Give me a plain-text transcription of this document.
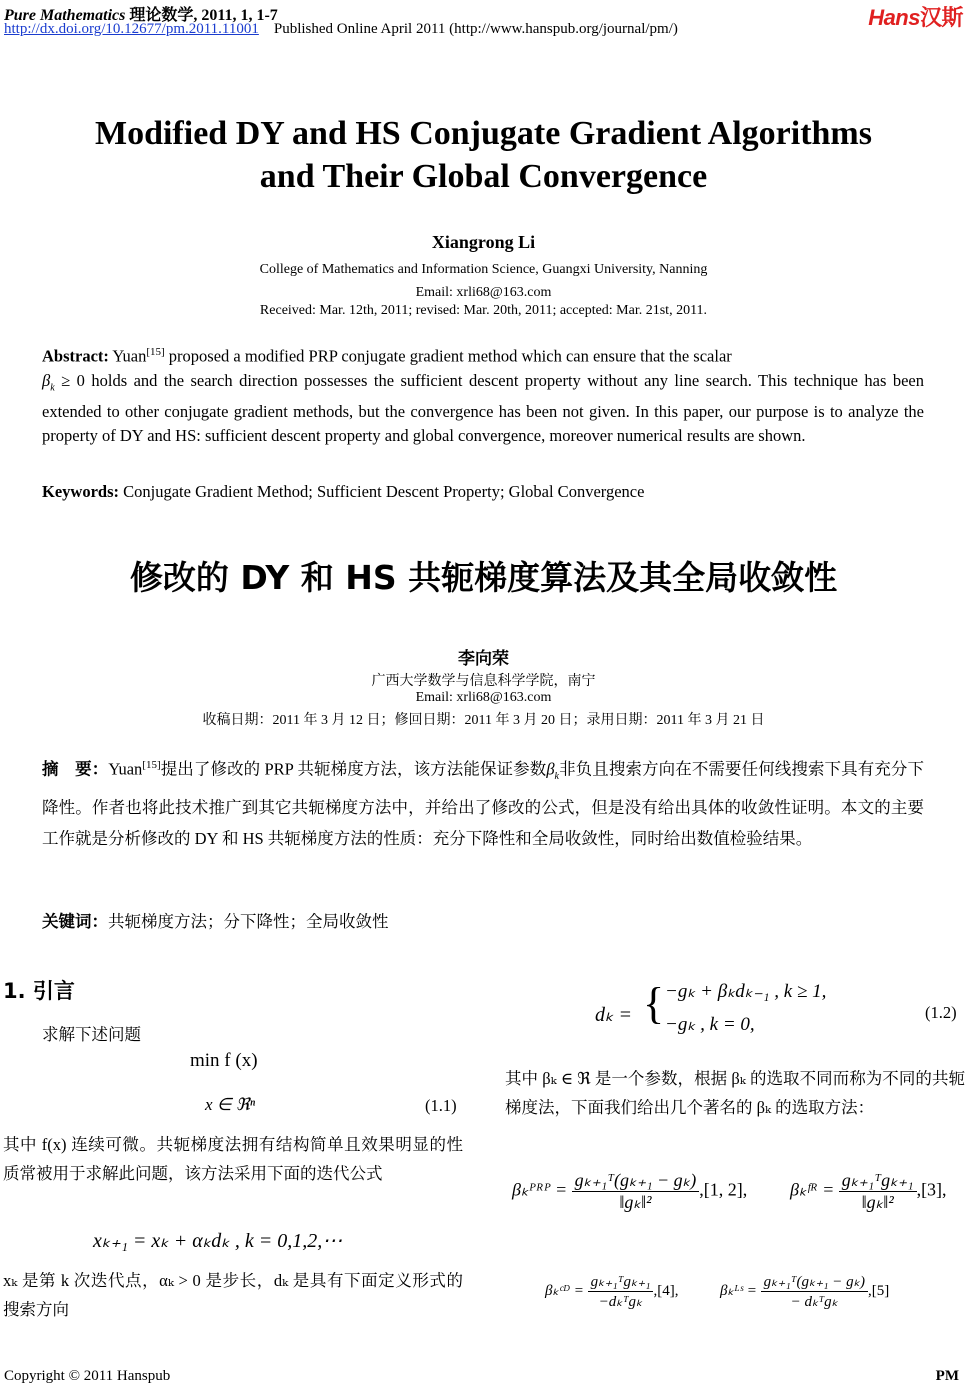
Pure Mathematics 理论数学, 2011, 1, 1-7
http://dx.doi.org/10.12677/pm.2011.11001 Published Online April 2011 (http://www.hanspub.org/journal/pm/)	Hans汉斯
Modified DY and HS Conjugate Gradient Algorithms
and Their Global Convergence
Xiangrong Li
College of Mathematics and Information Science, Guangxi University, Nanning
Email: xrli68@163.com
Received: Mar. 12th, 2011; revised: Mar. 20th, 2011; accepted: Mar. 21st, 2011.
Abstract: Yuan[15] proposed a modified PRP conjugate gradient method which can ensure that the scalar
$\beta_k \ge 0$ holds and the search direction possesses the sufficient descent property without any line search. This technique has been extended to other conjugate gradient methods, but the convergence has been not given. In this paper, our purpose is to analyze the property of DY and HS: sufficient descent property and global convergence, moreover numerical results are shown.
Keywords: Conjugate Gradient Method; Sufficient Descent Property; Global Convergence
修改的 DY 和 HS 共轭梯度算法及其全局收敛性
李向荣
广西大学数学与信息科学学院，南宁
Email: xrli68@163.com
收稿日期：2011 年 3 月 12 日；修回日期：2011 年 3 月 20 日；录用日期：2011 年 3 月 21 日
摘　要：Yuan[15]提出了修改的 PRP 共轭梯度方法，该方法能保证参数$\beta_k$非负且搜索方向在不需要任何线搜索下具有充分下降性。作者也将此技术推广到其它共轭梯度方法中，并给出了修改的公式，但是没有给出具体的收敛性证明。本文的主要工作就是分析修改的 DY 和 HS 共轭梯度方法的性质：充分下降性和全局收敛性，同时给出数值检验结果。
关键词：共轭梯度方法；分下降性；全局收敛性
1. 引言
求解下述问题
min f (x)
x ∈ ℜⁿ	(1.1)
其中 f(x) 连续可微。共轭梯度法拥有结构简单且效果明显的性质常被用于求解此问题，该方法采用下面的迭代公式
xₖ₊₁ = xₖ + αₖdₖ , k = 0,1,2,⋯
xₖ 是第 k 次迭代点，αₖ > 0 是步长，dₖ 是具有下面定义形式的搜索方向
dₖ = { −gₖ + βₖdₖ₋₁ , k ≥ 1,
−gₖ , k = 0,
(1.2)
其中 βₖ ∈ ℜ 是一个参数，根据 βₖ 的选取不同而称为不同的共轭梯度法，下面我们给出几个著名的 βₖ 的选取方法：
βₖᴾᴿᴾ = $\frac{\text{gₖ₊₁ᵀ(gₖ₊₁ − gₖ)}}{\text{‖gₖ‖²}} ,[1$, 2], βₖᶠᴿ = $\frac{\text{gₖ₊₁ᵀgₖ₊₁}}{\text{‖gₖ‖²}} ,[3]$,
βₖᶜᴰ = $\frac{\text{gₖ₊₁ᵀgₖ₊₁}}{\text{−dₖᵀgₖ}} ,[4]$,	βₖᴸˢ = $\frac{\text{gₖ₊₁ᵀ(gₖ₊₁ − gₖ)}}{\text{− dₖᵀgₖ}} ,[5]$
Copyright © 2011 Hanspub	PM
